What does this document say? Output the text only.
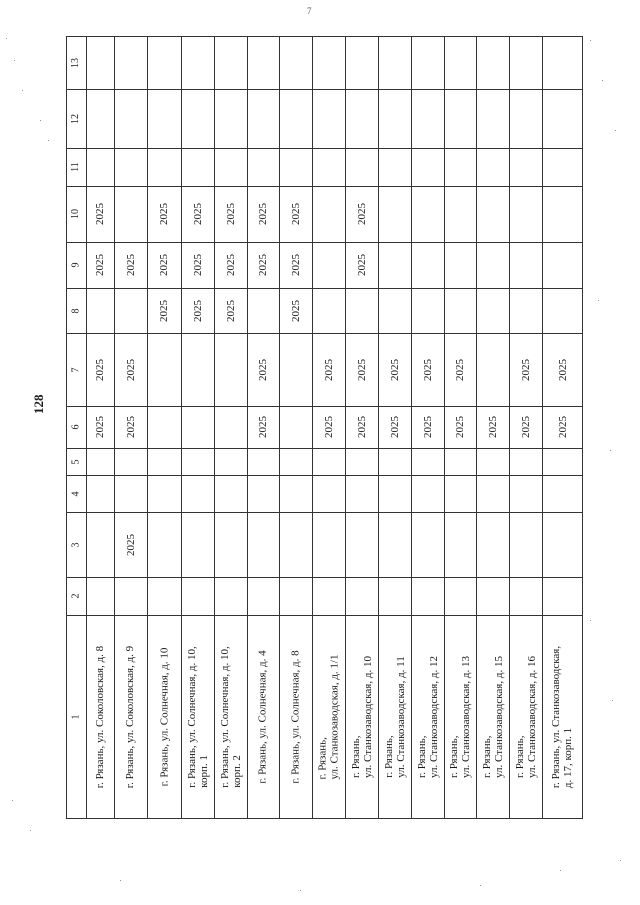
128
7
1
2
3
4
5
6
7
8
9
10
11
12
13
г. Рязань, ул. Соколовская, д. 8
2025
2025
2025
2025
г. Рязань, ул. Соколовская, д. 9
2025
2025
2025
2025
г. Рязань, ул. Солнечная, д. 10
2025
2025
2025
г. Рязань, ул. Солнечная, д. 10, корп. 1
2025
2025
2025
г. Рязань, ул. Солнечная, д. 10, корп. 2
2025
2025
2025
г. Рязань, ул. Солнечная, д. 4
2025
2025
2025
2025
г. Рязань, ул. Солнечная, д. 8
2025
2025
2025
г. Рязань, ул. Станкозаводская, д. 1/1
2025
2025
г. Рязань, ул. Станкозаводская, д. 10
2025
2025
2025
2025
г. Рязань, ул. Станкозаводская, д. 11
2025
2025
г. Рязань, ул. Станкозаводская, д. 12
2025
2025
г. Рязань, ул. Станкозаводская, д. 13
2025
2025
г. Рязань, ул. Станкозаводская, д. 15
2025
г. Рязань, ул. Станкозаводская, д. 16
2025
2025
г. Рязань, ул. Станкозаводская, д. 17, корп. 1
2025
2025
